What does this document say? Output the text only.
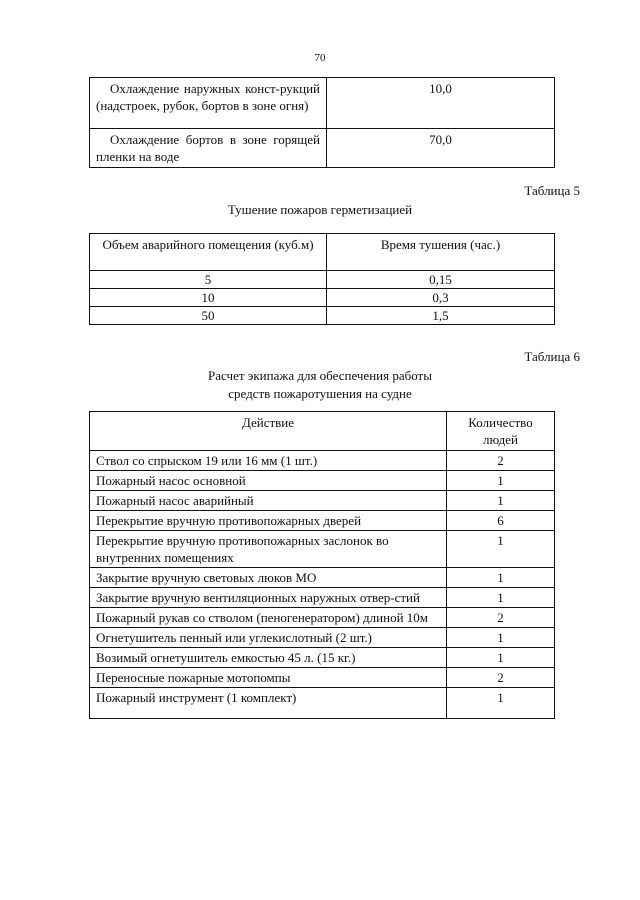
70
Охлаждение наружных конст-рукций (надстроек, рубок, бортов в зоне огня)	10,0
Охлаждение бортов в зоне горящей пленки на воде	70,0
Таблица 5
Тушение пожаров герметизацией
Объем аварийного помещения (куб.м)	Время тушения (час.)
5	0,15
10	0,3
50	1,5
Таблица 6
Расчет экипажа для обеспечения работы
средств пожаротушения на судне
Действие	Количество людей
Ствол со спрыском 19 или 16 мм (1 шт.)	2
Пожарный насос основной	1
Пожарный насос аварийный	1
Перекрытие вручную противопожарных дверей	6
Перекрытие вручную противопожарных заслонок во внутренних помещениях	1
Закрытие вручную световых люков МО	1
Закрытие вручную вентиляционных наружных отвер-стий	1
Пожарный рукав со стволом (пеногенератором) длиной 10м	2
Огнетушитель пенный или углекислотный (2 шт.)	1
Возимый огнетушитель емкостью 45 л. (15 кг.)	1
Переносные пожарные мотопомпы	2
Пожарный инструмент (1 комплект)	1
